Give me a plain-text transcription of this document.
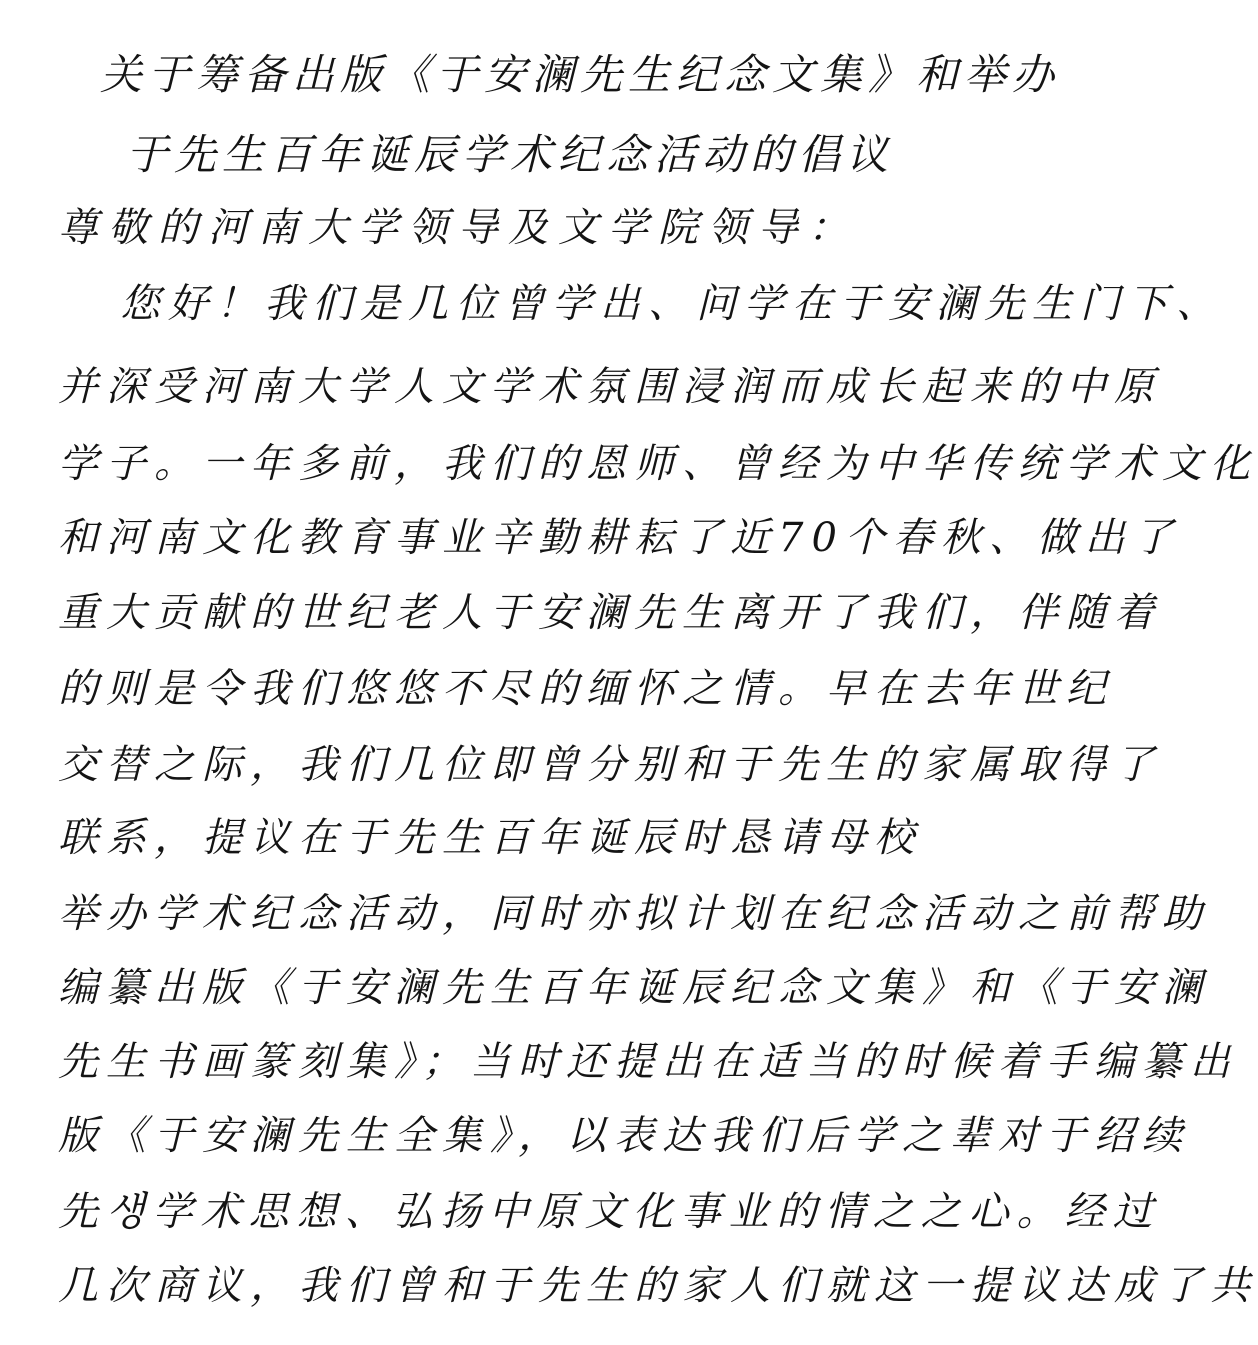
关于筹备出版《于安澜先生纪念文集》和举办
于先生百年诞辰学术纪念活动的倡议
尊敬的河南大学领导及文学院领导：
您好！我们是几位曾学出、问学在于安澜先生门下、
并深受河南大学人文学术氛围浸润而成长起来的中原
学子。一年多前，我们的恩师、曾经为中华传统学术文化
和河南文化教育事业辛勤耕耘了近70个春秋、做出了
重大贡献的世纪老人于安澜先生离开了我们，伴随着
的则是令我们悠悠不尽的缅怀之情。早在去年世纪
交替之际，我们几位即曾分别和于先生的家属取得了
联系，提议在于先生百年诞辰时恳请母校
举办学术纪念活动，同时亦拟计划在纪念活动之前帮助
编纂出版《于安澜先生百年诞辰纪念文集》和《于安澜
先生书画篆刻集》；当时还提出在适当的时候着手编纂出
版《于安澜先生全集》，以表达我们后学之辈对于绍续
先생学术思想、弘扬中原文化事业的情之之心。经过
几次商议，我们曾和于先生的家人们就这一提议达成了共
